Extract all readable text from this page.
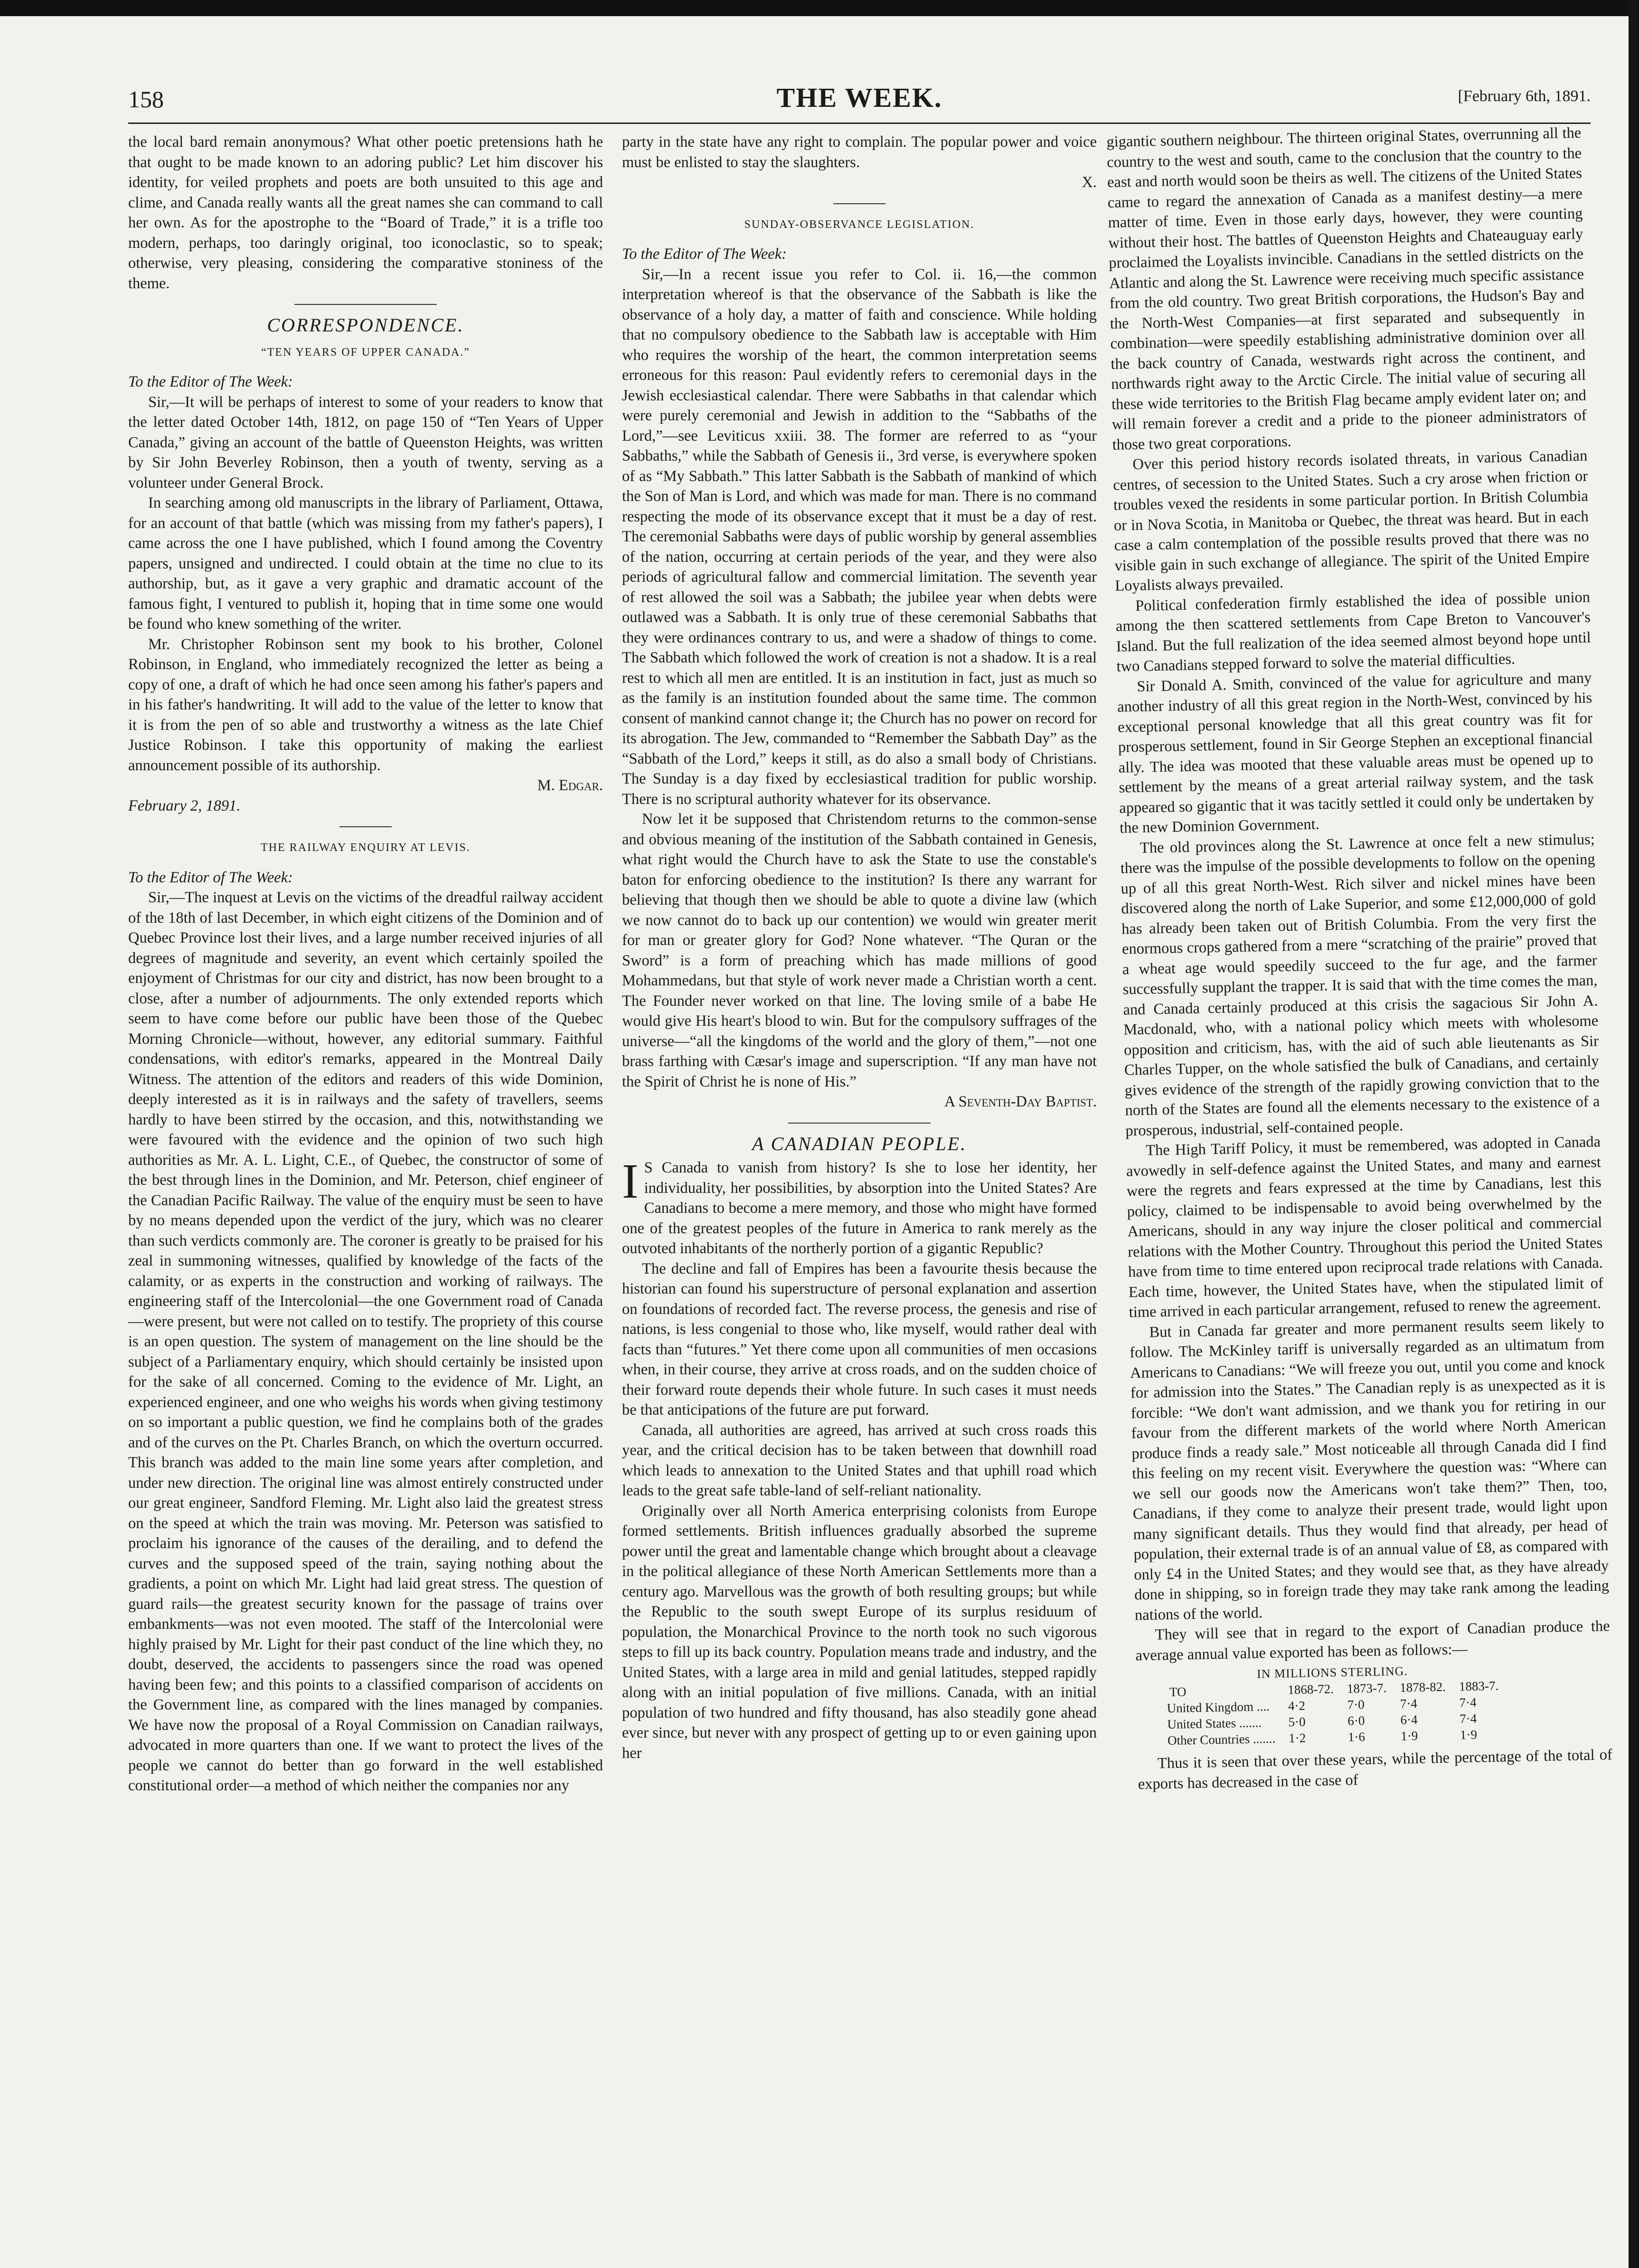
158	THE WEEK.	[February 6th, 1891.

the local bard remain anonymous? What other poetic pretensions hath he that ought to be made known to an adoring public? Let him discover his identity, for veiled prophets and poets are both unsuited to this age and clime, and Canada really wants all the great names she can command to call her own. As for the apostrophe to the “Board of Trade,” it is a trifle too modern, perhaps, too daringly original, too iconoclastic, so to speak; otherwise, very pleasing, considering the comparative stoniness of the theme.

CORRESPONDENCE.
“TEN YEARS OF UPPER CANADA.”

To the Editor of The Week:

Sir,—It will be perhaps of interest to some of your readers to know that the letter dated October 14th, 1812, on page 150 of “Ten Years of Upper Canada,” giving an account of the battle of Queenston Heights, was written by Sir John Beverley Robinson, then a youth of twenty, serving as a volunteer under General Brock.

In searching among old manuscripts in the library of Parliament, Ottawa, for an account of that battle (which was missing from my father's papers), I came across the one I have published, which I found among the Coventry papers, unsigned and undirected. I could obtain at the time no clue to its authorship, but, as it gave a very graphic and dramatic account of the famous fight, I ventured to publish it, hoping that in time some one would be found who knew something of the writer.

Mr. Christopher Robinson sent my book to his brother, Colonel Robinson, in England, who immediately recognized the letter as being a copy of one, a draft of which he had once seen among his father's papers and in his father's handwriting. It will add to the value of the letter to know that it is from the pen of so able and trustworthy a witness as the late Chief Justice Robinson. I take this opportunity of making the earliest announcement possible of its authorship.

M. Edgar.

February 2, 1891.

THE RAILWAY ENQUIRY AT LEVIS.

To the Editor of The Week:

Sir,—The inquest at Levis on the victims of the dreadful railway accident of the 18th of last December, in which eight citizens of the Dominion and of Quebec Province lost their lives, and a large number received injuries of all degrees of magnitude and severity, an event which certainly spoiled the enjoyment of Christmas for our city and district, has now been brought to a close, after a number of adjournments. The only extended reports which seem to have come before our public have been those of the Quebec Morning Chronicle—without, however, any editorial summary. Faithful condensations, with editor's remarks, appeared in the Montreal Daily Witness. The attention of the editors and readers of this wide Dominion, deeply interested as it is in railways and the safety of travellers, seems hardly to have been stirred by the occasion, and this, notwithstanding we were favoured with the evidence and the opinion of two such high authorities as Mr. A. L. Light, C.E., of Quebec, the constructor of some of the best through lines in the Dominion, and Mr. Peterson, chief engineer of the Canadian Pacific Railway. The value of the enquiry must be seen to have by no means depended upon the verdict of the jury, which was no clearer than such verdicts commonly are. The coroner is greatly to be praised for his zeal in summoning witnesses, qualified by knowledge of the facts of the calamity, or as experts in the construction and working of railways. The engineering staff of the Intercolonial—the one Government road of Canada—were present, but were not called on to testify. The propriety of this course is an open question. The system of management on the line should be the subject of a Parliamentary enquiry, which should certainly be insisted upon for the sake of all concerned. Coming to the evidence of Mr. Light, an experienced engineer, and one who weighs his words when giving testimony on so important a public question, we find he complains both of the grades and of the curves on the Pt. Charles Branch, on which the overturn occurred. This branch was added to the main line some years after completion, and under new direction. The original line was almost entirely constructed under our great engineer, Sandford Fleming. Mr. Light also laid the greatest stress on the speed at which the train was moving. Mr. Peterson was satisfied to proclaim his ignorance of the causes of the derailing, and to defend the curves and the supposed speed of the train, saying nothing about the gradients, a point on which Mr. Light had laid great stress. The question of guard rails—the greatest security known for the passage of trains over embankments—was not even mooted. The staff of the Intercolonial were highly praised by Mr. Light for their past conduct of the line which they, no doubt, deserved, the accidents to passengers since the road was opened having been few; and this points to a classified comparison of accidents on the Government line, as compared with the lines managed by companies. We have now the proposal of a Royal Commission on Canadian railways, advocated in more quarters than one. If we want to protect the lives of the people we cannot do better than go forward in the well established constitutional order—a method of which neither the companies nor any

party in the state have any right to complain. The popular power and voice must be enlisted to stay the slaughters.

X.

SUNDAY-OBSERVANCE LEGISLATION.

To the Editor of The Week:

Sir,—In a recent issue you refer to Col. ii. 16,—the common interpretation whereof is that the observance of the Sabbath is like the observance of a holy day, a matter of faith and conscience. While holding that no compulsory obedience to the Sabbath law is acceptable with Him who requires the worship of the heart, the common interpretation seems erroneous for this reason: Paul evidently refers to ceremonial days in the Jewish ecclesiastical calendar. There were Sabbaths in that calendar which were purely ceremonial and Jewish in addition to the “Sabbaths of the Lord,”—see Leviticus xxiii. 38. The former are referred to as “your Sabbaths,” while the Sabbath of Genesis ii., 3rd verse, is everywhere spoken of as “My Sabbath.” This latter Sabbath is the Sabbath of mankind of which the Son of Man is Lord, and which was made for man. There is no command respecting the mode of its observance except that it must be a day of rest. The ceremonial Sabbaths were days of public worship by general assemblies of the nation, occurring at certain periods of the year, and they were also periods of agricultural fallow and commercial limitation. The seventh year of rest allowed the soil was a Sabbath; the jubilee year when debts were outlawed was a Sabbath. It is only true of these ceremonial Sabbaths that they were ordinances contrary to us, and were a shadow of things to come. The Sabbath which followed the work of creation is not a shadow. It is a real rest to which all men are entitled. It is an institution in fact, just as much so as the family is an institution founded about the same time. The common consent of mankind cannot change it; the Church has no power on record for its abrogation. The Jew, commanded to “Remember the Sabbath Day” as the “Sabbath of the Lord,” keeps it still, as do also a small body of Christians. The Sunday is a day fixed by ecclesiastical tradition for public worship. There is no scriptural authority whatever for its observance.

Now let it be supposed that Christendom returns to the common-sense and obvious meaning of the institution of the Sabbath contained in Genesis, what right would the Church have to ask the State to use the constable's baton for enforcing obedience to the institution? Is there any warrant for believing that though then we should be able to quote a divine law (which we now cannot do to back up our contention) we would win greater merit for man or greater glory for God? None whatever. “The Quran or the Sword” is a form of preaching which has made millions of good Mohammedans, but that style of work never made a Christian worth a cent. The Founder never worked on that line. The loving smile of a babe He would give His heart's blood to win. But for the compulsory suffrages of the universe—“all the kingdoms of the world and the glory of them,”—not one brass farthing with Cæsar's image and superscription. “If any man have not the Spirit of Christ he is none of His.”

A Seventh-Day Baptist.

A CANADIAN PEOPLE.

I S Canada to vanish from history? Is she to lose her identity, her individuality, her possibilities, by absorption into the United States? Are Canadians to become a mere memory, and those who might have formed one of the greatest peoples of the future in America to rank merely as the outvoted inhabitants of the northerly portion of a gigantic Republic?

The decline and fall of Empires has been a favourite thesis because the historian can found his superstructure of personal explanation and assertion on foundations of recorded fact. The reverse process, the genesis and rise of nations, is less congenial to those who, like myself, would rather deal with facts than “futures.” Yet there come upon all communities of men occasions when, in their course, they arrive at cross roads, and on the sudden choice of their forward route depends their whole future. In such cases it must needs be that anticipations of the future are put forward.

Canada, all authorities are agreed, has arrived at such cross roads this year, and the critical decision has to be taken between that downhill road which leads to annexation to the United States and that uphill road which leads to the great safe table-land of self-reliant nationality.

Originally over all North America enterprising colonists from Europe formed settlements. British influences gradually absorbed the supreme power until the great and lamentable change which brought about a cleavage in the political allegiance of these North American Settlements more than a century ago. Marvellous was the growth of both resulting groups; but while the Republic to the south swept Europe of its surplus residuum of population, the Monarchical Province to the north took no such vigorous steps to fill up its back country. Population means trade and industry, and the United States, with a large area in mild and genial latitudes, stepped rapidly along with an initial population of five millions. Canada, with an initial population of two hundred and fifty thousand, has also steadily gone ahead ever since, but never with any prospect of getting up to or even gaining upon her

gigantic southern neighbour. The thirteen original States, overrunning all the country to the west and south, came to the conclusion that the country to the east and north would soon be theirs as well. The citizens of the United States came to regard the annexation of Canada as a manifest destiny—a mere matter of time. Even in those early days, however, they were counting without their host. The battles of Queenston Heights and Chateauguay early proclaimed the Loyalists invincible. Canadians in the settled districts on the Atlantic and along the St. Lawrence were receiving much specific assistance from the old country. Two great British corporations, the Hudson's Bay and the North-West Companies—at first separated and subsequently in combination—were speedily establishing administrative dominion over all the back country of Canada, westwards right across the continent, and northwards right away to the Arctic Circle. The initial value of securing all these wide territories to the British Flag became amply evident later on; and will remain forever a credit and a pride to the pioneer administrators of those two great corporations.

Over this period history records isolated threats, in various Canadian centres, of secession to the United States. Such a cry arose when friction or troubles vexed the residents in some particular portion. In British Columbia or in Nova Scotia, in Manitoba or Quebec, the threat was heard. But in each case a calm contemplation of the possible results proved that there was no visible gain in such exchange of allegiance. The spirit of the United Empire Loyalists always prevailed.

Political confederation firmly established the idea of possible union among the then scattered settlements from Cape Breton to Vancouver's Island. But the full realization of the idea seemed almost beyond hope until two Canadians stepped forward to solve the material difficulties.

Sir Donald A. Smith, convinced of the value for agriculture and many another industry of all this great region in the North-West, convinced by his exceptional personal knowledge that all this great country was fit for prosperous settlement, found in Sir George Stephen an exceptional financial ally. The idea was mooted that these valuable areas must be opened up to settlement by the means of a great arterial railway system, and the task appeared so gigantic that it was tacitly settled it could only be undertaken by the new Dominion Government.

The old provinces along the St. Lawrence at once felt a new stimulus; there was the impulse of the possible developments to follow on the opening up of all this great North-West. Rich silver and nickel mines have been discovered along the north of Lake Superior, and some £12,000,000 of gold has already been taken out of British Columbia. From the very first the enormous crops gathered from a mere “scratching of the prairie” proved that a wheat age would speedily succeed to the fur age, and the farmer successfully supplant the trapper. It is said that with the time comes the man, and Canada certainly produced at this crisis the sagacious Sir John A. Macdonald, who, with a national policy which meets with wholesome opposition and criticism, has, with the aid of such able lieutenants as Sir Charles Tupper, on the whole satisfied the bulk of Canadians, and certainly gives evidence of the strength of the rapidly growing conviction that to the north of the States are found all the elements necessary to the existence of a prosperous, industrial, self-contained people.

The High Tariff Policy, it must be remembered, was adopted in Canada avowedly in self-defence against the United States, and many and earnest were the regrets and fears expressed at the time by Canadians, lest this policy, claimed to be indispensable to avoid being overwhelmed by the Americans, should in any way injure the closer political and commercial relations with the Mother Country. Throughout this period the United States have from time to time entered upon reciprocal trade relations with Canada. Each time, however, the United States have, when the stipulated limit of time arrived in each particular arrangement, refused to renew the agreement.

But in Canada far greater and more permanent results seem likely to follow. The McKinley tariff is universally regarded as an ultimatum from Americans to Canadians: “We will freeze you out, until you come and knock for admission into the States.” The Canadian reply is as unexpected as it is forcible: “We don't want admission, and we thank you for retiring in our favour from the different markets of the world where North American produce finds a ready sale.” Most noticeable all through Canada did I find this feeling on my recent visit. Everywhere the question was: “Where can we sell our goods now the Americans won't take them?” Then, too, Canadians, if they come to analyze their present trade, would light upon many significant details. Thus they would find that already, per head of population, their external trade is of an annual value of £8, as compared with only £4 in the United States; and they would see that, as they have already done in shipping, so in foreign trade they may take rank among the leading nations of the world.

They will see that in regard to the export of Canadian produce the average annual value exported has been as follows:—

IN MILLIONS STERLING.				
TO	1868-72.	1873-7.	1878-82.	1883-7.
United Kingdom ....	4·2	7·0	7·4	7·4
United States .......	5·0	6·0	6·4	7·4
Other Countries .......	1·2	1·6	1·9	1·9

Thus it is seen that over these years, while the percentage of the total of exports has decreased in the case of
